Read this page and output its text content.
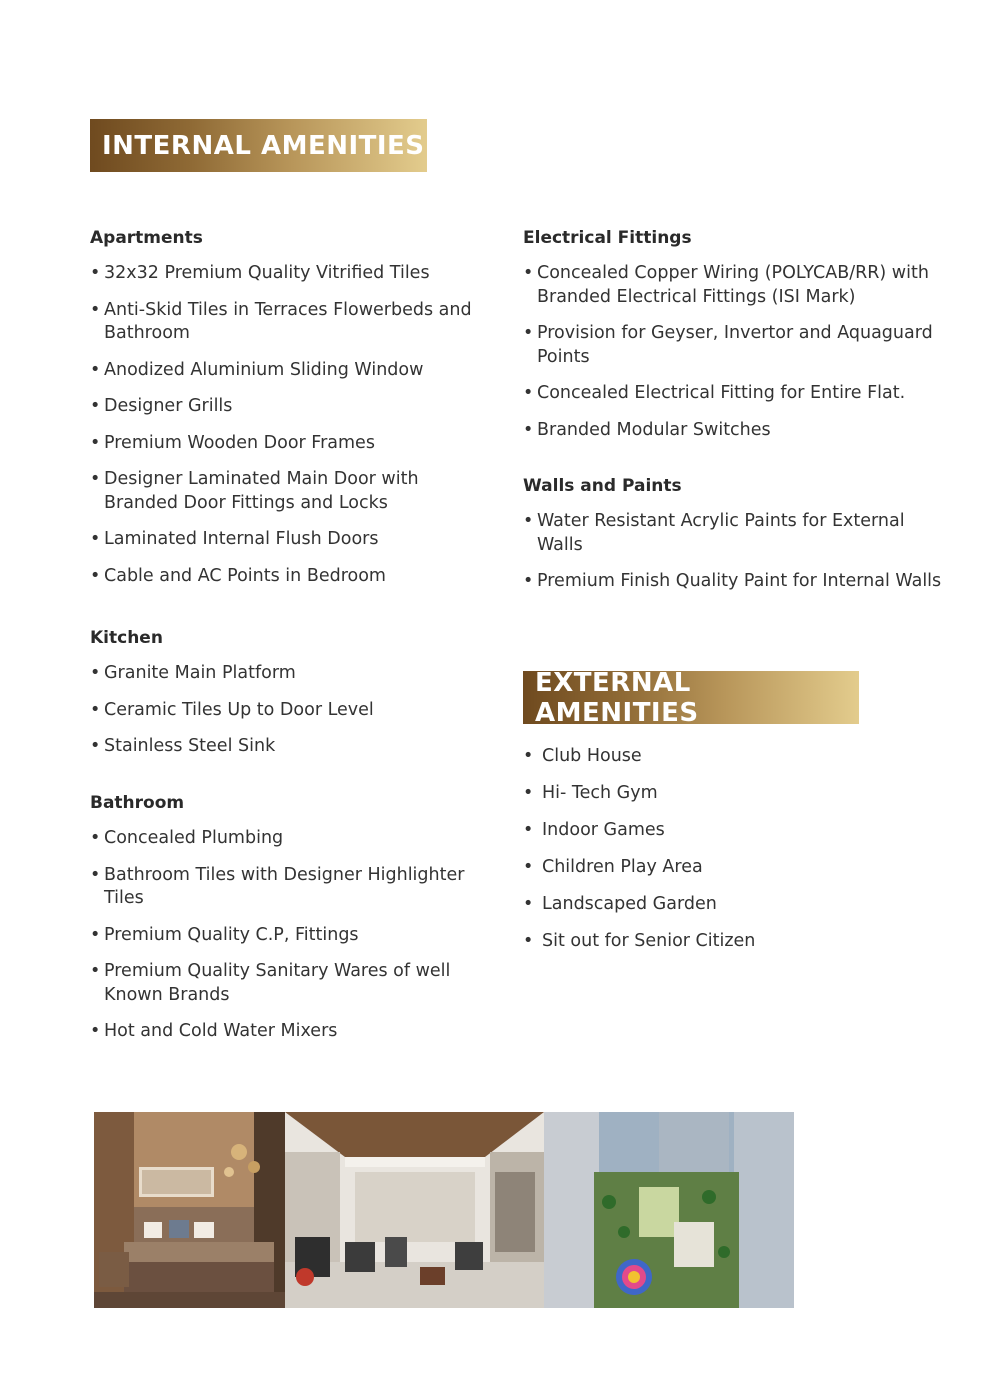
INTERNAL AMENITIES
Apartments
• 32x32 Premium Quality Vitrified Tiles
• Anti-Skid Tiles in Terraces Flowerbeds and Bathroom
• Anodized Aluminium Sliding Window
• Designer Grills
• Premium Wooden Door Frames
• Designer Laminated Main Door with Branded Door Fittings and Locks
• Laminated Internal Flush Doors
• Cable and AC Points in Bedroom
Kitchen
• Granite Main Platform
• Ceramic Tiles Up to Door Level
• Stainless Steel Sink
Bathroom
• Concealed Plumbing
• Bathroom Tiles with Designer Highlighter Tiles
• Premium Quality C.P, Fittings
• Premium Quality Sanitary Wares of well Known Brands
• Hot and Cold Water Mixers
Electrical Fittings
• Concealed Copper Wiring (POLYCAB/RR) with Branded Electrical Fittings (ISI Mark)
• Provision for Geyser, Invertor and Aquaguard Points
• Concealed Electrical Fitting for Entire Flat.
• Branded Modular Switches
Walls and Paints
• Water Resistant Acrylic Paints for External Walls
• Premium Finish Quality Paint for Internal Walls
EXTERNAL AMENITIES
• Club House
• Hi- Tech Gym
• Indoor Games
• Children Play Area
• Landscaped Garden
• Sit out for Senior Citizen
